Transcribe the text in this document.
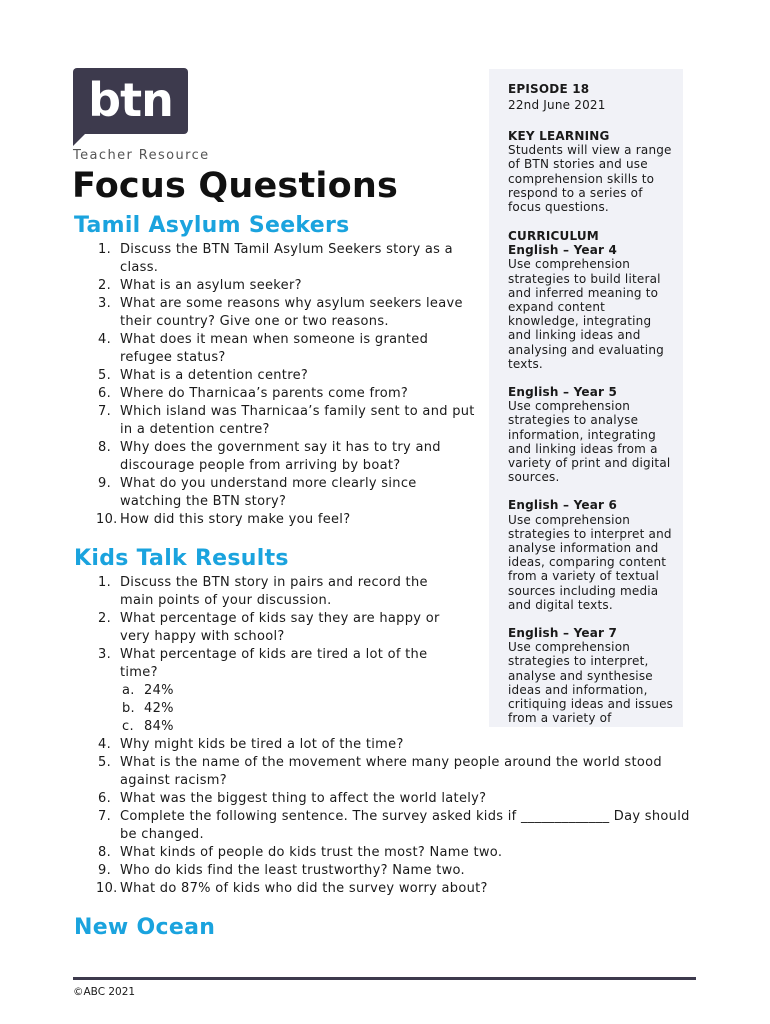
btn
Teacher Resource
Focus Questions
Tamil Asylum Seekers
1. Discuss the BTN Tamil Asylum Seekers story as a class.
2. What is an asylum seeker?
3. What are some reasons why asylum seekers leave their country? Give one or two reasons.
4. What does it mean when someone is granted refugee status?
5. What is a detention centre?
6. Where do Tharnicaa’s parents come from?
7. Which island was Tharnicaa’s family sent to and put in a detention centre?
8. Why does the government say it has to try and discourage people from arriving by boat?
9. What do you understand more clearly since watching the BTN story?
10. How did this story make you feel?
Kids Talk Results
1. Discuss the BTN story in pairs and record the main points of your discussion.
2. What percentage of kids say they are happy or very happy with school?
3. What percentage of kids are tired a lot of the time?
a. 24%
b. 42%
c. 84%
4. Why might kids be tired a lot of the time?
5. What is the name of the movement where many people around the world stood against racism?
6. What was the biggest thing to affect the world lately?
7. Complete the following sentence. The survey asked kids if _____________ Day should be changed.
8. What kinds of people do kids trust the most? Name two.
9. Who do kids find the least trustworthy? Name two.
10. What do 87% of kids who did the survey worry about?
New Ocean
EPISODE 18
22nd June 2021
KEY LEARNING
Students will view a range of BTN stories and use comprehension skills to respond to a series of focus questions.
CURRICULUM
English – Year 4
Use comprehension strategies to build literal and inferred meaning to expand content knowledge, integrating and linking ideas and analysing and evaluating texts.
English – Year 5
Use comprehension strategies to analyse information, integrating and linking ideas from a variety of print and digital sources.
English – Year 6
Use comprehension strategies to interpret and analyse information and ideas, comparing content from a variety of textual sources including media and digital texts.
English – Year 7
Use comprehension strategies to interpret, analyse and synthesise ideas and information, critiquing ideas and issues from a variety of
©ABC 2021
